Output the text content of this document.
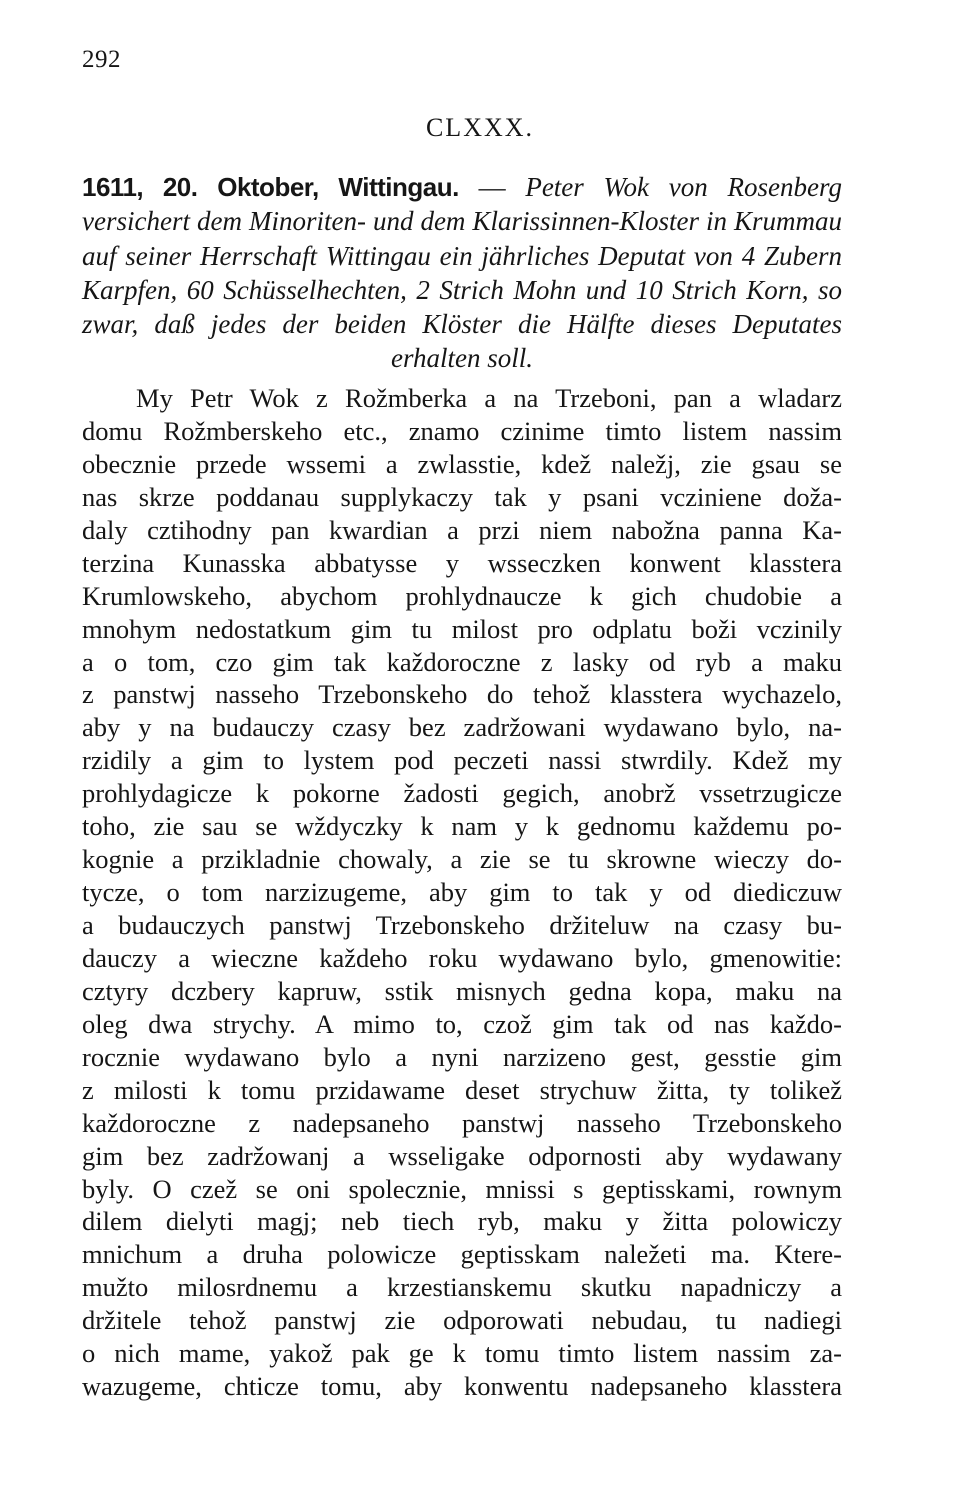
292
CLXXX.
1611, 20. Oktober, Wittingau. — Peter Wok von Rosenberg versichert dem Minoriten- und dem Klarissinnen-Kloster in Krummau auf seiner Herrschaft Wittingau ein jährliches Deputat von 4 Zubern Karpfen, 60 Schüsselhechten, 2 Strich Mohn und 10 Strich Korn, so zwar, daß jedes der beiden Klöster die Hälfte dieses Deputates erhalten soll.
My Petr Wok z Rožmberka a na Trzeboni, pan a wladarz
domu Rožmberskeho etc., znamo czinime timto listem nassim
obecznie przede wssemi a zwlasstie, kdež naležj, zie gsau se
nas skrze poddanau supplykaczy tak y psani vcziniene doža-
daly cztihodny pan kwardian a przi niem nabožna panna Ka-
terzina Kunasska abbatysse y wsseczken konwent klasstera
Krumlowskeho, abychom prohlydnaucze k gich chudobie a
mnohym nedostatkum gim tu milost pro odplatu boži vczinily
a o tom, czo gim tak každoroczne z lasky od ryb a maku
z panstwj nasseho Trzebonskeho do tehož klasstera wychazelo,
aby y na budauczy czasy bez zadržowani wydawano bylo, na-
rzidily a gim to lystem pod peczeti nassi stwrdily. Kdež my
prohlydagicze k pokorne žadosti gegich, anobrž vssetrzugicze
toho, zie sau se wždyczky k nam y k gednomu každemu po-
kognie a przikladnie chowaly, a zie se tu skrowne wieczy do-
tycze, o tom narzizugeme, aby gim to tak y od diediczuw
a budauczych panstwj Trzebonskeho držiteluw na czasy bu-
dauczy a wieczne každeho roku wydawano bylo, gmenowitie:
cztyry dczbery kapruw, sstik misnych gedna kopa, maku na
oleg dwa strychy. A mimo to, czož gim tak od nas každo-
rocznie wydawano bylo a nyni narzizeno gest, gesstie gim
z milosti k tomu przidawame deset strychuw žitta, ty tolikež
každoroczne z nadepsaneho panstwj nasseho Trzebonskeho
gim bez zadržowanj a wsseligake odpornosti aby wydawany
byly. O czež se oni spolecznie, mnissi s geptisskami, rownym
dilem dielyti magj; neb tiech ryb, maku y žitta polowiczy
mnichum a druha polowicze geptisskam naležeti ma. Ktere-
mužto milosrdnemu a krzestianskemu skutku napadniczy a
držitele tehož panstwj zie odporowati nebudau, tu nadiegi
o nich mame, yakož pak ge k tomu timto listem nassim za-
wazugeme, chticze tomu, aby konwentu nadepsaneho klasstera
